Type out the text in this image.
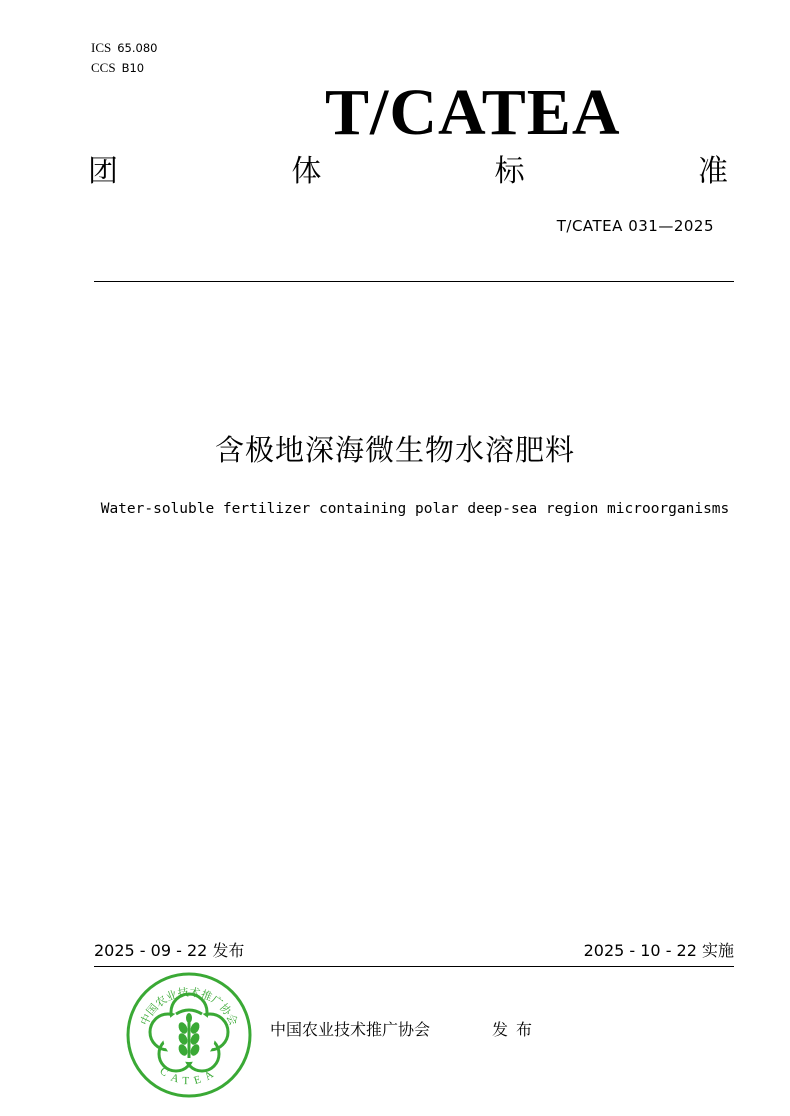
ICS 65.080
CCS B10
T/CATEA
团	体	标	准
T/CATEA 031—2025
含极地深海微生物水溶肥料
Water-soluble fertilizer containing polar deep-sea region microorganisms
2025 - 09 - 22 发布	2025 - 10 - 22 实施
中国农业技术推广协会
CATEA
中国农业技术推广协会	发布
